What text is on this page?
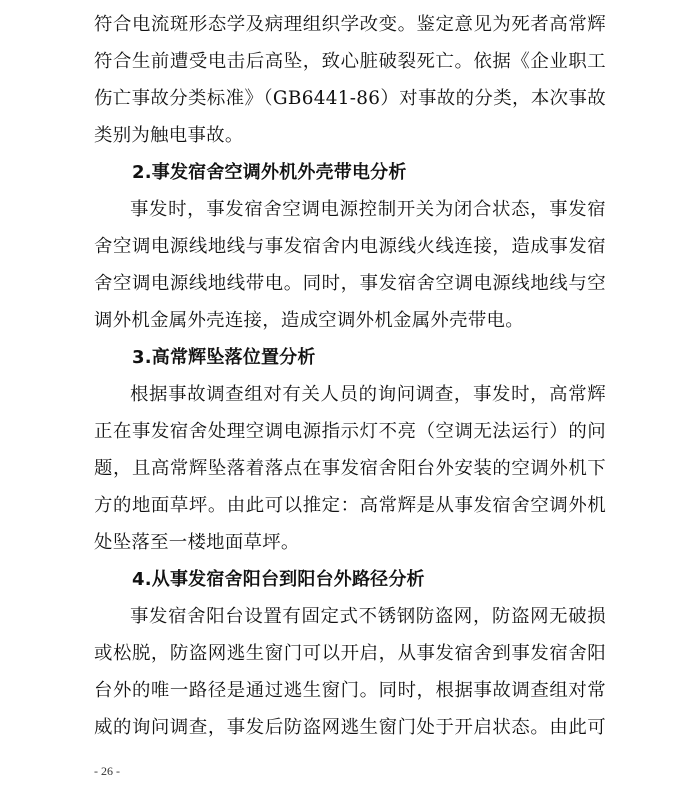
符合电流斑形态学及病理组织学改变。鉴定意见为死者高常辉符合生前遭受电击后高坠，致心脏破裂死亡。依据《企业职工伤亡事故分类标准》（GB6441-86）对事故的分类，本次事故类别为触电事故。

2.事发宿舍空调外机外壳带电分析

事发时，事发宿舍空调电源控制开关为闭合状态，事发宿舍空调电源线地线与事发宿舍内电源线火线连接，造成事发宿舍空调电源线地线带电。同时，事发宿舍空调电源线地线与空调外机金属外壳连接，造成空调外机金属外壳带电。

3.高常辉坠落位置分析

根据事故调查组对有关人员的询问调查，事发时，高常辉正在事发宿舍处理空调电源指示灯不亮（空调无法运行）的问题，且高常辉坠落着落点在事发宿舍阳台外安装的空调外机下方的地面草坪。由此可以推定：高常辉是从事发宿舍空调外机处坠落至一楼地面草坪。

4.从事发宿舍阳台到阳台外路径分析

事发宿舍阳台设置有固定式不锈钢防盗网，防盗网无破损或松脱，防盗网逃生窗门可以开启，从事发宿舍到事发宿舍阳台外的唯一路径是通过逃生窗门。同时，根据事故调查组对常威的询问调查，事发后防盗网逃生窗门处于开启状态。由此可

- 26 -
